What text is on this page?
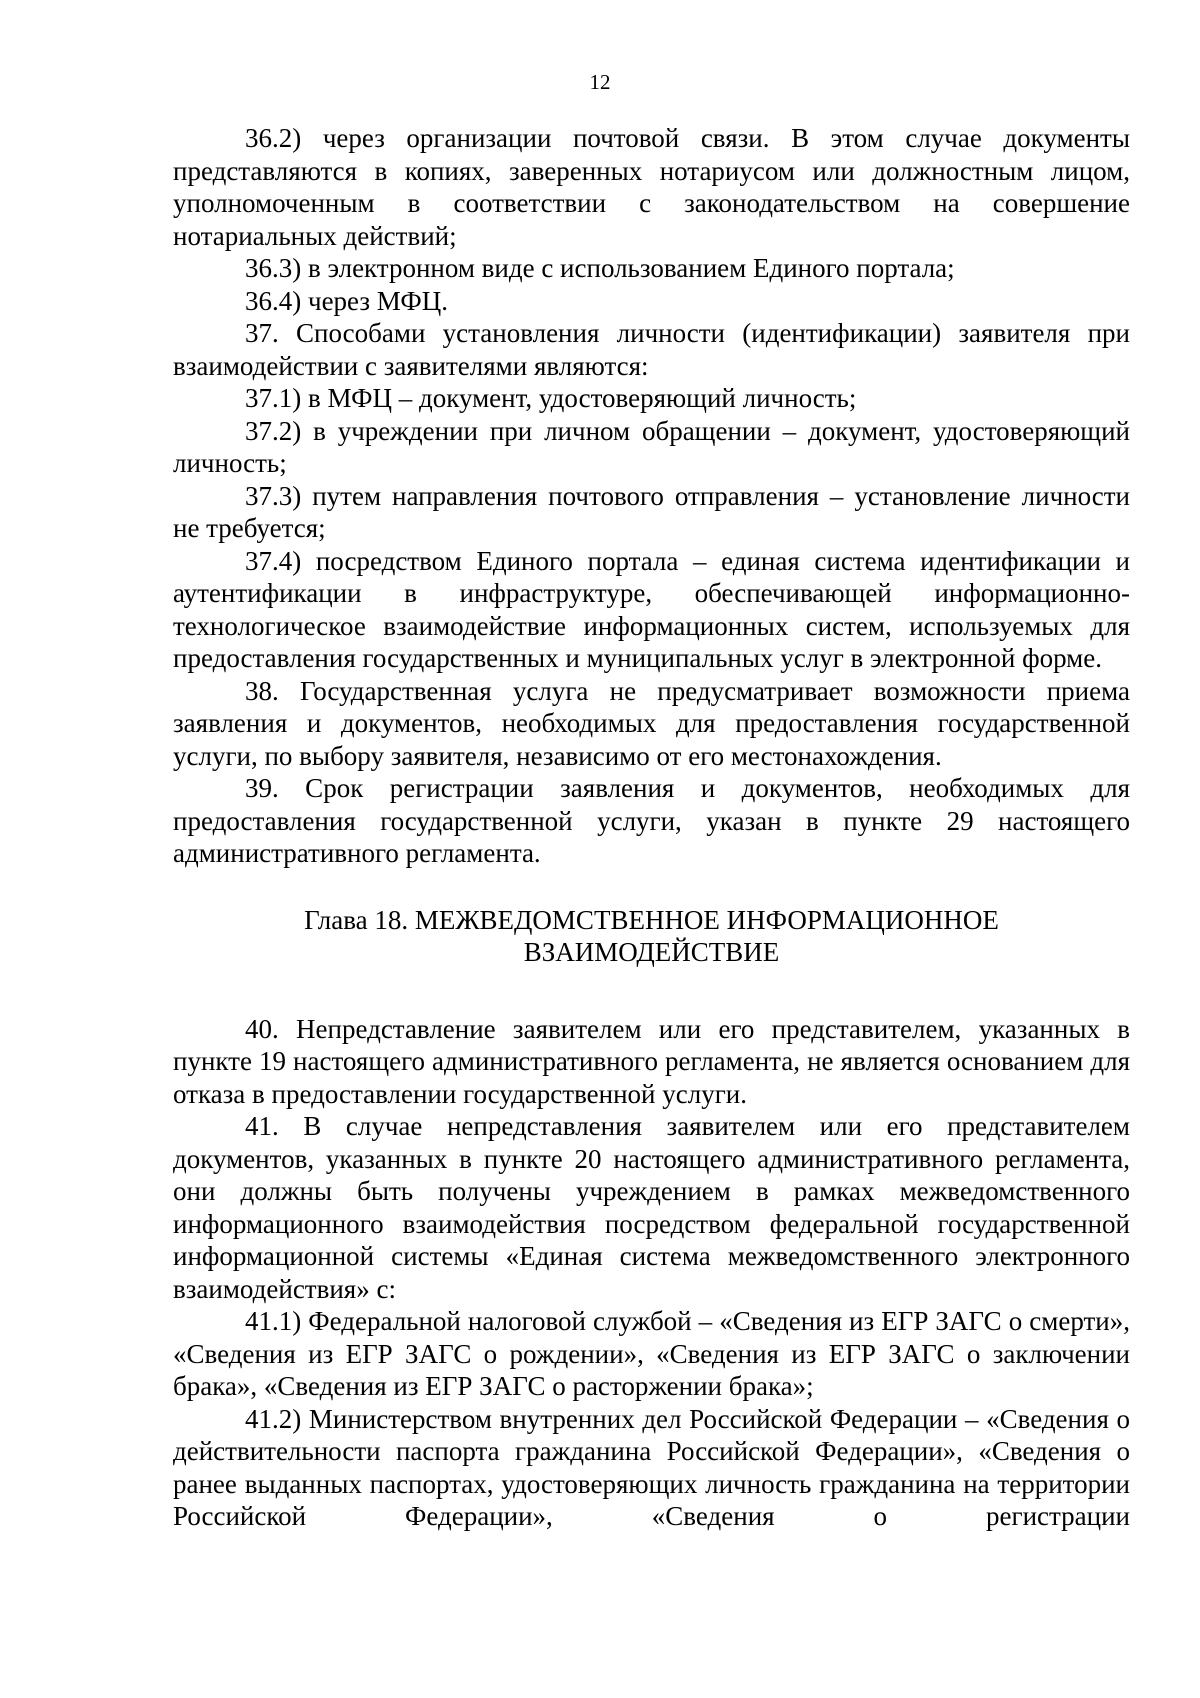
12

36.2) через организации почтовой связи. В этом случае документы представляются в копиях, заверенных нотариусом или должностным лицом, уполномоченным в соответствии с законодательством на совершение нотариальных действий;

36.3) в электронном виде с использованием Единого портала;

36.4) через МФЦ.

37. Способами установления личности (идентификации) заявителя при взаимодействии с заявителями являются:

37.1) в МФЦ – документ, удостоверяющий личность;

37.2) в учреждении при личном обращении – документ, удостоверяющий личность;

37.3) путем направления почтового отправления – установление личности не требуется;

37.4) посредством Единого портала – единая система идентификации и аутентификации в инфраструктуре, обеспечивающей информационно-технологическое взаимодействие информационных систем, используемых для предоставления государственных и муниципальных услуг в электронной форме.

38. Государственная услуга не предусматривает возможности приема заявления и документов, необходимых для предоставления государственной услуги, по выбору заявителя, независимо от его местонахождения.

39. Срок регистрации заявления и документов, необходимых для предоставления государственной услуги, указан в пункте 29 настоящего административного регламента.

Глава 18. МЕЖВЕДОМСТВЕННОЕ ИНФОРМАЦИОННОЕ
ВЗАИМОДЕЙСТВИЕ

40. Непредставление заявителем или его представителем, указанных в пункте 19 настоящего административного регламента, не является основанием для отказа в предоставлении государственной услуги.

41. В случае непредставления заявителем или его представителем документов, указанных в пункте 20 настоящего административного регламента, они должны быть получены учреждением в рамках межведомственного информационного взаимодействия посредством федеральной государственной информационной системы «Единая система межведомственного электронного взаимодействия» с:

41.1) Федеральной налоговой службой – «Сведения из ЕГР ЗАГС о смерти», «Сведения из ЕГР ЗАГС о рождении», «Сведения из ЕГР ЗАГС о заключении брака», «Сведения из ЕГР ЗАГС о расторжении брака»;

41.2) Министерством внутренних дел Российской Федерации – «Сведения о действительности паспорта гражданина Российской Федерации», «Сведения о ранее выданных паспортах, удостоверяющих личность гражданина на территории Российской Федерации», «Сведения о регистрации
